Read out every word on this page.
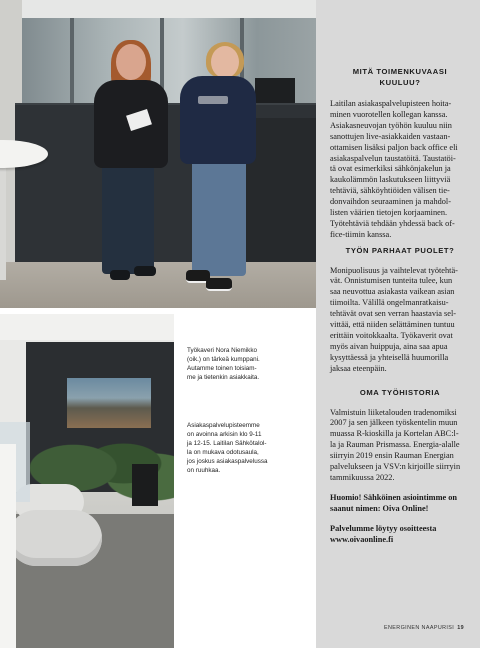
Työkaveri Nora Niemikko
(oik.) on tärkeä kumppani.
Autamme toinen toisiam-
me ja tietenkin asiakkaita.
Asiakaspalvelupisteemme
on avoinna arkisin klo 9-11
ja 12-15. Laitilan Sähkötalol-
la on mukava odotusaula,
jos joskus asiakaspalvelussa
on ruuhkaa.
MITÄ TOIMENKUVAASI
KUULUU?

Laitilan asiakaspalvelupisteen hoita-
minen vuorotellen kollegan kanssa.
Asiakasneuvojan työhön kuuluu niin
sanottujen live-asiakkaiden vastaan-
ottamisen lisäksi paljon back office eli
asiakaspalvelun taustatöitä. Taustatöi-
tä ovat esimerkiksi sähkönjakelun ja
kaukolämmön laskutukseen liittyviä
tehtäviä, sähköyhtiöiden välisen tie-
donvaihdon seuraaminen ja mahdol-
listen väärien tietojen korjaaminen.
Työtehtäviä tehdään yhdessä back of-
fice-tiimin kanssa.

TYÖN PARHAAT PUOLET?

Monipuolisuus ja vaihtelevat työtehtä-
vät. Onnistumisen tunteita tulee, kun
saa neuvottua asiakasta vaikean asian
tiimoilta. Välillä ongelmanratkaisu-
tehtävät ovat sen verran haastavia sel-
vittää, että niiden selättäminen tuntuu
erittäin voitokkaalta. Työkaverit ovat
myös aivan huippuja, aina saa apua
kysyttäessä ja yhteisellä huumorilla
jaksaa eteenpäin.

OMA TYÖHISTORIA

Valmistuin liiketalouden tradenomiksi
2007 ja sen jälkeen työskentelin muun
muassa R-kioskilla ja Kortelan ABC:l-
la ja Rauman Prismassa. Energia-alalle
siirryin 2019 ensin Rauman Energian
palvelukseen ja VSV:n kirjoille siirryin
tammikuussa 2022.

Huomio! Sähköinen asiointimme on
saanut nimen: Oiva Online!

Palvelumme löytyy osoitteesta
www.oivaonline.fi

ENERGINEN NAAPURISI 19
